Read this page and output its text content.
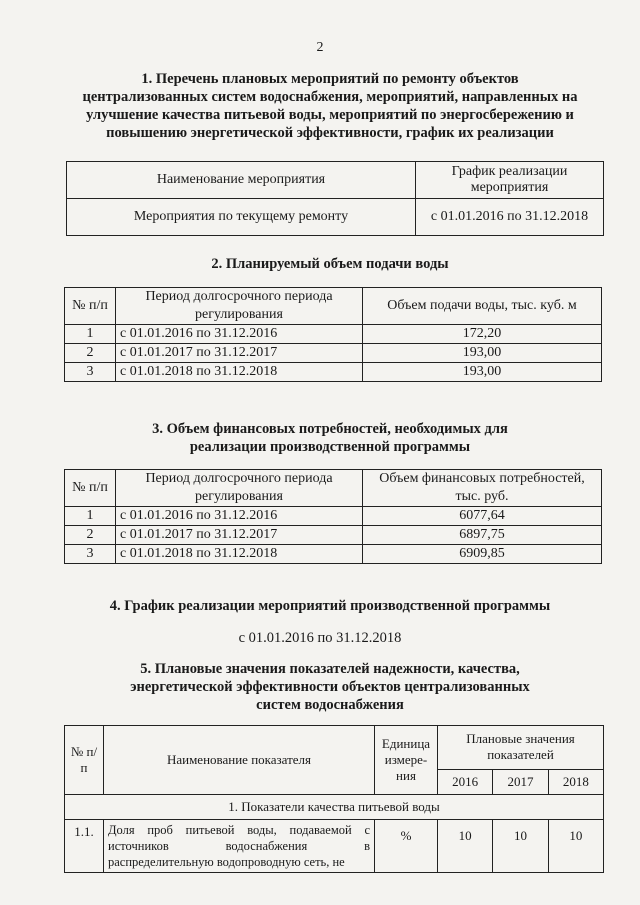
2
1. Перечень плановых мероприятий по ремонту объектов
централизованных систем водоснабжения, мероприятий, направленных на
улучшение качества питьевой воды, мероприятий по энергосбережению и
повышению энергетической эффективности, график их реализации
Наименование мероприятия	График реализации мероприятия
Мероприятия по текущему ремонту	с 01.01.2016 по 31.12.2018
2. Планируемый объем подачи воды
№ п/п	Период долгосрочного периода регулирования	Объем подачи воды, тыс. куб. м
1	с 01.01.2016 по 31.12.2016	172,20
2	с 01.01.2017 по 31.12.2017	193,00
3	с 01.01.2018 по 31.12.2018	193,00
3. Объем финансовых потребностей, необходимых для
реализации производственной программы
№ п/п	Период долгосрочного периода регулирования	Объем финансовых потребностей, тыс. руб.
1	с 01.01.2016 по 31.12.2016	6077,64
2	с 01.01.2017 по 31.12.2017	6897,75
3	с 01.01.2018 по 31.12.2018	6909,85
4. График реализации мероприятий производственной программы
с 01.01.2016 по 31.12.2018
5. Плановые значения показателей надежности, качества,
энергетической эффективности объектов централизованных
систем водоснабжения
№ п/п	Наименование показателя	Единица измере-ния	Плановые значения показателей		
			2016	2017	2018
1. Показатели качества питьевой воды					
1.1.	Доля проб питьевой воды, подаваемой с источников водоснабжения в распределительную водопроводную сеть, не	%	10	10	10
